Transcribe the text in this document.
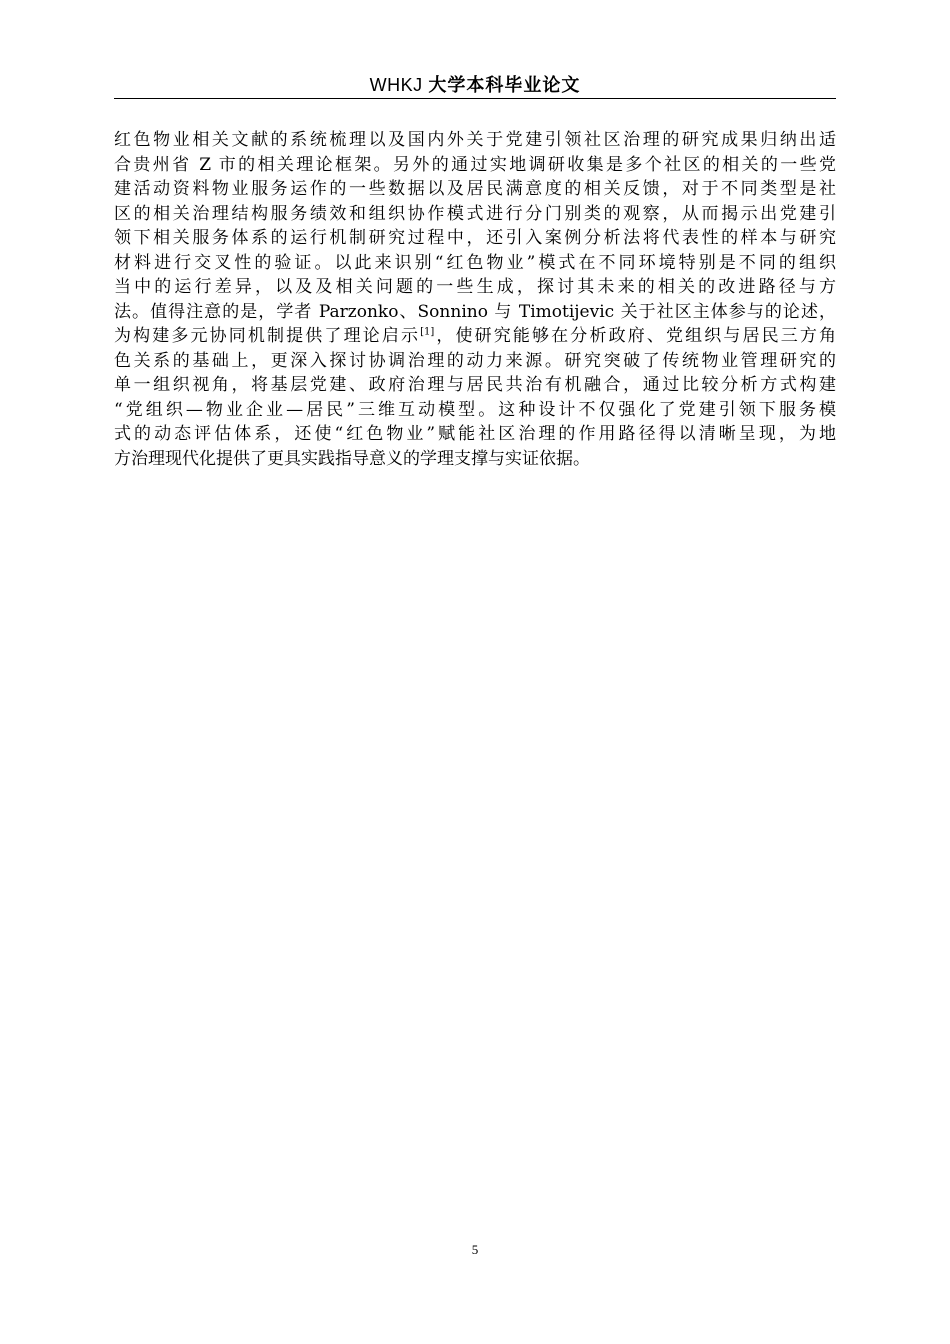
WHKJ 大学本科毕业论文
红色物业相关文献的系统梳理以及国内外关于党建引领社区治理的研究成果归纳出适
合贵州省 Z 市的相关理论框架。另外的通过实地调研收集是多个社区的相关的一些党
建活动资料物业服务运作的一些数据以及居民满意度的相关反馈，对于不同类型是社
区的相关治理结构服务绩效和组织协作模式进行分门别类的观察，从而揭示出党建引
领下相关服务体系的运行机制研究过程中，还引入案例分析法将代表性的样本与研究
材料进行交叉性的验证。以此来识别“红色物业”模式在不同环境特别是不同的组织
当中的运行差异，以及及相关问题的一些生成，探讨其未来的相关的改进路径与方
法。值得注意的是，学者 Parzonko、Sonnino 与 Timotijevic 关于社区主体参与的论述，
为构建多元协同机制提供了理论启示[1]，使研究能够在分析政府、党组织与居民三方角
色关系的基础上，更深入探讨协调治理的动力来源。研究突破了传统物业管理研究的
单一组织视角，将基层党建、政府治理与居民共治有机融合，通过比较分析方式构建
“党组织—物业企业—居民”三维互动模型。这种设计不仅强化了党建引领下服务模
式的动态评估体系，还使“红色物业”赋能社区治理的作用路径得以清晰呈现，为地
方治理现代化提供了更具实践指导意义的学理支撑与实证依据。
5
